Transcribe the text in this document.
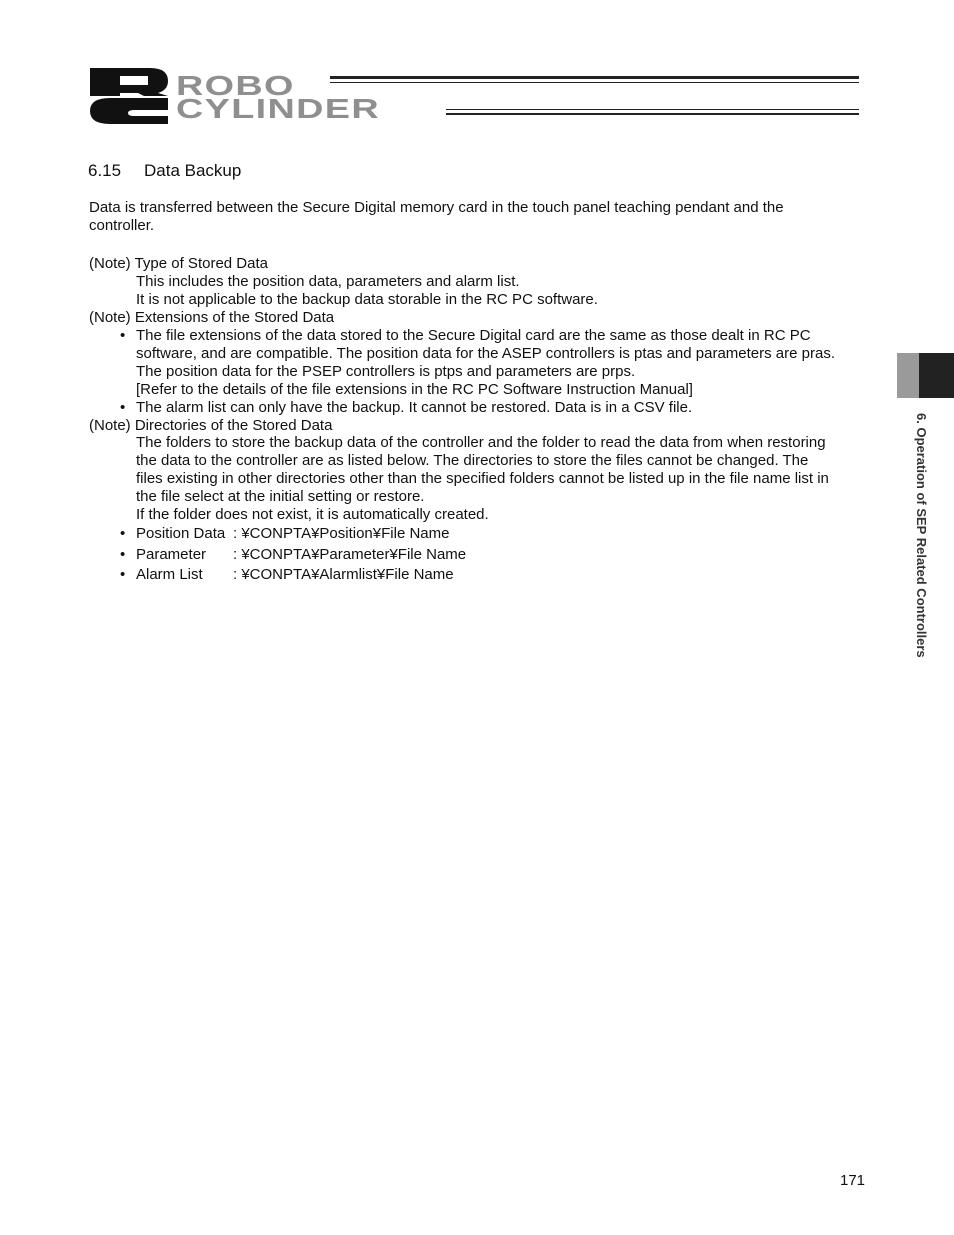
ROBO
CYLINDER
6.15 Data Backup
Data is transferred between the Secure Digital memory card in the touch panel teaching pendant and the
controller.
(Note) Type of Stored Data
This includes the position data, parameters and alarm list.
It is not applicable to the backup data storable in the RC PC software.
(Note) Extensions of the Stored Data
• The file extensions of the data stored to the Secure Digital card are the same as those dealt in RC PC
software, and are compatible. The position data for the ASEP controllers is ptas and parameters are pras.
The position data for the PSEP controllers is ptps and parameters are prps.
[Refer to the details of the file extensions in the RC PC Software Instruction Manual]
• The alarm list can only have the backup. It cannot be restored. Data is in a CSV file.
(Note) Directories of the Stored Data
The folders to store the backup data of the controller and the folder to read the data from when restoring
the data to the controller are as listed below. The directories to store the files cannot be changed. The
files existing in other directories other than the specified folders cannot be listed up in the file name list in
the file select at the initial setting or restore.
If the folder does not exist, it is automatically created.
• Position Data : ¥CONPTA¥Position¥File Name
• Parameter : ¥CONPTA¥Parameter¥File Name
• Alarm List : ¥CONPTA¥Alarmlist¥File Name	6. Operation of SEP Related Controllers
171
